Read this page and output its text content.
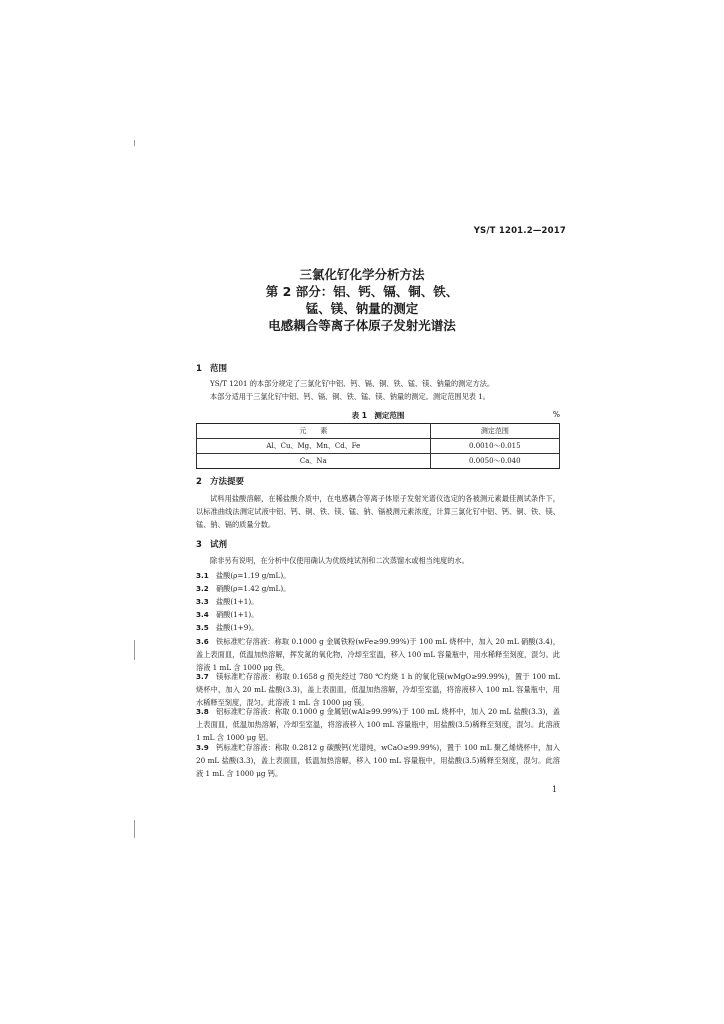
YS/T 1201.2—2017
三氯化钌化学分析方法
第 2 部分：铝、钙、镉、铜、铁、
锰、镁、钠量的测定
电感耦合等离子体原子发射光谱法
1 范围
YS/T 1201 的本部分规定了三氯化钌中铝、钙、镉、铜、铁、锰、镁、钠量的测定方法。
本部分适用于三氯化钌中铝、钙、镉、铜、铁、锰、镁、钠量的测定。测定范围见表 1。
表 1　测定范围	%
元　　素	测定范围
Al、Cu、Mg、Mn、Cd、Fe	0.0010～0.015
Ca、Na	0.0050～0.040
2 方法提要
试料用盐酸溶解，在稀盐酸介质中，在电感耦合等离子体原子发射光谱仪选定的各被测元素最佳测试条件下，以标准曲线法测定试液中铝、钙、铜、铁、镁、锰、钠、镉被测元素浓度，计算三氯化钌中铝、钙、铜、铁、镁、锰、钠、镉的质量分数。
3 试剂
除非另有说明，在分析中仅使用确认为优级纯试剂和二次蒸馏水或相当纯度的水。
3.1 盐酸(ρ=1.19 g/mL)。
3.2 硝酸(ρ=1.42 g/mL)。
3.3 盐酸(1+1)。
3.4 硝酸(1+1)。
3.5 盐酸(1+9)。
3.6 铁标准贮存溶液：称取 0.1000 g 金属铁粉(wFe≥99.99%)于 100 mL 烧杯中，加入 20 mL 硝酸(3.4)，盖上表面皿，低温加热溶解，挥发氮的氧化物，冷却至室温，移入 100 mL 容量瓶中，用水稀释至刻度，混匀。此溶液 1 mL 含 1000 μg 铁。
3.7 镁标准贮存溶液：称取 0.1658 g 预先经过 780 ℃灼烧 1 h 的氧化镁(wMgO≥99.99%)，置于 100 mL 烧杯中，加入 20 mL 盐酸(3.3)，盖上表面皿，低温加热溶解，冷却至室温，将溶液移入 100 mL 容量瓶中，用水稀释至刻度，混匀。此溶液 1 mL 含 1000 μg 镁。
3.8 铝标准贮存溶液：称取 0.1000 g 金属铝(wAl≥99.99%)于 100 mL 烧杯中，加入 20 mL 盐酸(3.3)，盖上表面皿，低温加热溶解，冷却至室温，将溶液移入 100 mL 容量瓶中，用盐酸(3.5)稀释至刻度，混匀。此溶液 1 mL 含 1000 μg 铝。
3.9 钙标准贮存溶液：称取 0.2812 g 碳酸钙(光谱纯，wCaO≥99.99%)，置于 100 mL 聚乙烯烧杯中，加入 20 mL 盐酸(3.3)，盖上表面皿，低温加热溶解，移入 100 mL 容量瓶中，用盐酸(3.5)稀释至刻度，混匀。此溶液 1 mL 含 1000 μg 钙。
1
